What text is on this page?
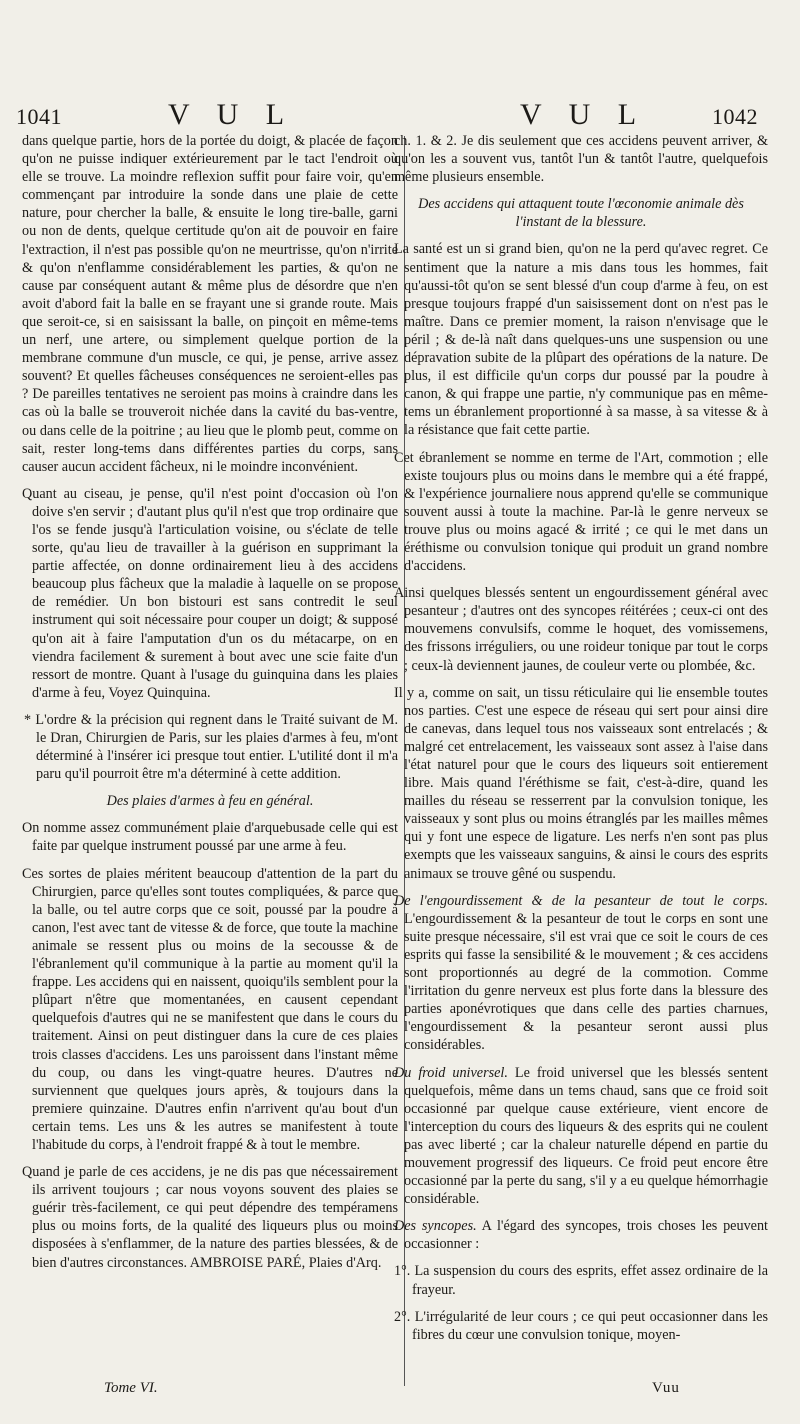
1041	V U L	V U L	1042

dans quelque partie, hors de la portée du doigt, & placée de façon qu'on ne puisse indiquer extérieurement par le tact l'endroit où elle se trouve. La moindre reflexion suffit pour faire voir, qu'en commençant par introduire la sonde dans une plaie de cette nature, pour chercher la balle, & ensuite le long tire-balle, garni ou non de dents, quelque certitude qu'on ait de pouvoir en faire l'extraction, il n'est pas possible qu'on ne meurtrisse, qu'on n'irrite & qu'on n'enflamme considérablement les parties, & qu'on ne cause par conséquent autant & même plus de désordre que n'en avoit d'abord fait la balle en se frayant une si grande route. Mais que seroit-ce, si en saisissant la balle, on pinçoit en même-tems un nerf, une artere, ou simplement quelque portion de la membrane commune d'un muscle, ce qui, je pense, arrive assez souvent? Et quelles fâcheuses conséquences ne seroient-elles pas ? De pareilles tentatives ne seroient pas moins à craindre dans les cas où la balle se trouveroit nichée dans la cavité du bas-ventre, ou dans celle de la poitrine ; au lieu que le plomb peut, comme on sait, rester long-tems dans différentes parties du corps, sans causer aucun accident fâcheux, ni le moindre inconvénient.

Quant au ciseau, je pense, qu'il n'est point d'occasion où l'on doive s'en servir ; d'autant plus qu'il n'est que trop ordinaire que l'os se fende jusqu'à l'articulation voisine, ou s'éclate de telle sorte, qu'au lieu de travailler à la guérison en supprimant la partie affectée, on donne ordinairement lieu à des accidens beaucoup plus fâcheux que la maladie à laquelle on se propose de remédier. Un bon bistouri est sans contredit le seul instrument qui soit nécessaire pour couper un doigt; & supposé qu'on ait à faire l'amputation d'un os du métacarpe, on en viendra facilement & surement à bout avec une scie faite d'un ressort de montre. Quant à l'usage du guinquina dans les plaies d'arme à feu, Voyez Quinquina.

* L'ordre & la précision qui regnent dans le Traité suivant de M. le Dran, Chirurgien de Paris, sur les plaies d'armes à feu, m'ont déterminé à l'insérer ici presque tout entier. L'utilité dont il m'a paru qu'il pourroit être m'a déterminé à cette addition.

Des plaies d'armes à feu en général.

On nomme assez communément plaie d'arquebusade celle qui est faite par quelque instrument poussé par une arme à feu.

Ces sortes de plaies méritent beaucoup d'attention de la part du Chirurgien, parce qu'elles sont toutes compliquées, & parce que la balle, ou tel autre corps que ce soit, poussé par la poudre à canon, l'est avec tant de vitesse & de force, que toute la machine animale se ressent plus ou moins de la secousse & de l'ébranlement qu'il communique à la partie au moment qu'il la frappe. Les accidens qui en naissent, quoiqu'ils semblent pour la plûpart n'être que momentanées, en causent cependant quelquefois d'autres qui ne se manifestent que dans le cours du traitement. Ainsi on peut distinguer dans la cure de ces plaies trois classes d'accidens. Les uns paroissent dans l'instant même du coup, ou dans les vingt-quatre heures. D'autres ne surviennent que quelques jours après, & toujours dans la premiere quinzaine. D'autres enfin n'arrivent qu'au bout d'un certain tems. Les uns & les autres se manifestent à toute l'habitude du corps, à l'endroit frappé & à tout le membre.

Quand je parle de ces accidens, je ne dis pas que nécessairement ils arrivent toujours ; car nous voyons souvent des plaies se guérir très-facilement, ce qui peut dépendre des tempéramens plus ou moins forts, de la qualité des liqueurs plus ou moins disposées à s'enflammer, de la nature des parties blessées, & de bien d'autres circonstances. AMBROISE PARÉ, Plaies d'Arq.

ch. 1. & 2. Je dis seulement que ces accidens peuvent arriver, & qu'on les a souvent vus, tantôt l'un & tantôt l'autre, quelquefois même plusieurs ensemble.

Des accidens qui attaquent toute l'œconomie animale dès l'instant de la blessure.

La santé est un si grand bien, qu'on ne la perd qu'avec regret. Ce sentiment que la nature a mis dans tous les hommes, fait qu'aussi-tôt qu'on se sent blessé d'un coup d'arme à feu, on est presque toujours frappé d'un saisissement dont on n'est pas le maître. Dans ce premier moment, la raison n'envisage que le péril ; & de-là naît dans quelques-uns une suspension ou une dépravation subite de la plûpart des opérations de la nature. De plus, il est difficile qu'un corps dur poussé par la poudre à canon, & qui frappe une partie, n'y communique pas en même-tems un ébranlement proportionné à sa masse, à sa vitesse & à la résistance que fait cette partie.

Cet ébranlement se nomme en terme de l'Art, commotion ; elle existe toujours plus ou moins dans le membre qui a été frappé, & l'expérience journaliere nous apprend qu'elle se communique souvent aussi à toute la machine. Par-là le genre nerveux se trouve plus ou moins agacé & irrité ; ce qui le met dans un éréthisme ou convulsion tonique qui produit un grand nombre d'accidens.

Ainsi quelques blessés sentent un engourdissement général avec pesanteur ; d'autres ont des syncopes réitérées ; ceux-ci ont des mouvemens convulsifs, comme le hoquet, des vomissemens, des frissons irréguliers, ou une roideur tonique par tout le corps ; ceux-là deviennent jaunes, de couleur verte ou plombée, &c.

Il y a, comme on sait, un tissu réticulaire qui lie ensemble toutes nos parties. C'est une espece de réseau qui sert pour ainsi dire de canevas, dans lequel tous nos vaisseaux sont entrelacés ; & malgré cet entrelacement, les vaisseaux sont assez à l'aise dans l'état naturel pour que le cours des liqueurs soit entierement libre. Mais quand l'éréthisme se fait, c'est-à-dire, quand les mailles du réseau se resserrent par la convulsion tonique, les vaisseaux y sont plus ou moins étranglés par les mailles mêmes qui y font une espece de ligature. Les nerfs n'en sont pas plus exempts que les vaisseaux sanguins, & ainsi le cours des esprits animaux se trouve gêné ou suspendu.

De l'engourdissement & de la pesanteur de tout le corps. L'engourdissement & la pesanteur de tout le corps en sont une suite presque nécessaire, s'il est vrai que ce soit le cours de ces esprits qui fasse la sensibilité & le mouvement ; & ces accidens sont proportionnés au degré de la commotion. Comme l'irritation du genre nerveux est plus forte dans la blessure des parties aponévrotiques que dans celle des parties charnues, l'engourdissement & la pesanteur seront aussi plus considérables.

Du froid universel. Le froid universel que les blessés sentent quelquefois, même dans un tems chaud, sans que ce froid soit occasionné par quelque cause extérieure, vient encore de l'interception du cours des liqueurs & des esprits qui ne coulent pas avec liberté ; car la chaleur naturelle dépend en partie du mouvement progressif des liqueurs. Ce froid peut encore être occasionné par la perte du sang, s'il y a eu quelque hémorrhagie considérable.

Des syncopes. A l'égard des syncopes, trois choses les peuvent occasionner :

1°. La suspension du cours des esprits, effet assez ordinaire de la frayeur.

2°. L'irrégularité de leur cours ; ce qui peut occasionner dans les fibres du cœur une convulsion tonique, moyen-

Tome VI.	Vuu
